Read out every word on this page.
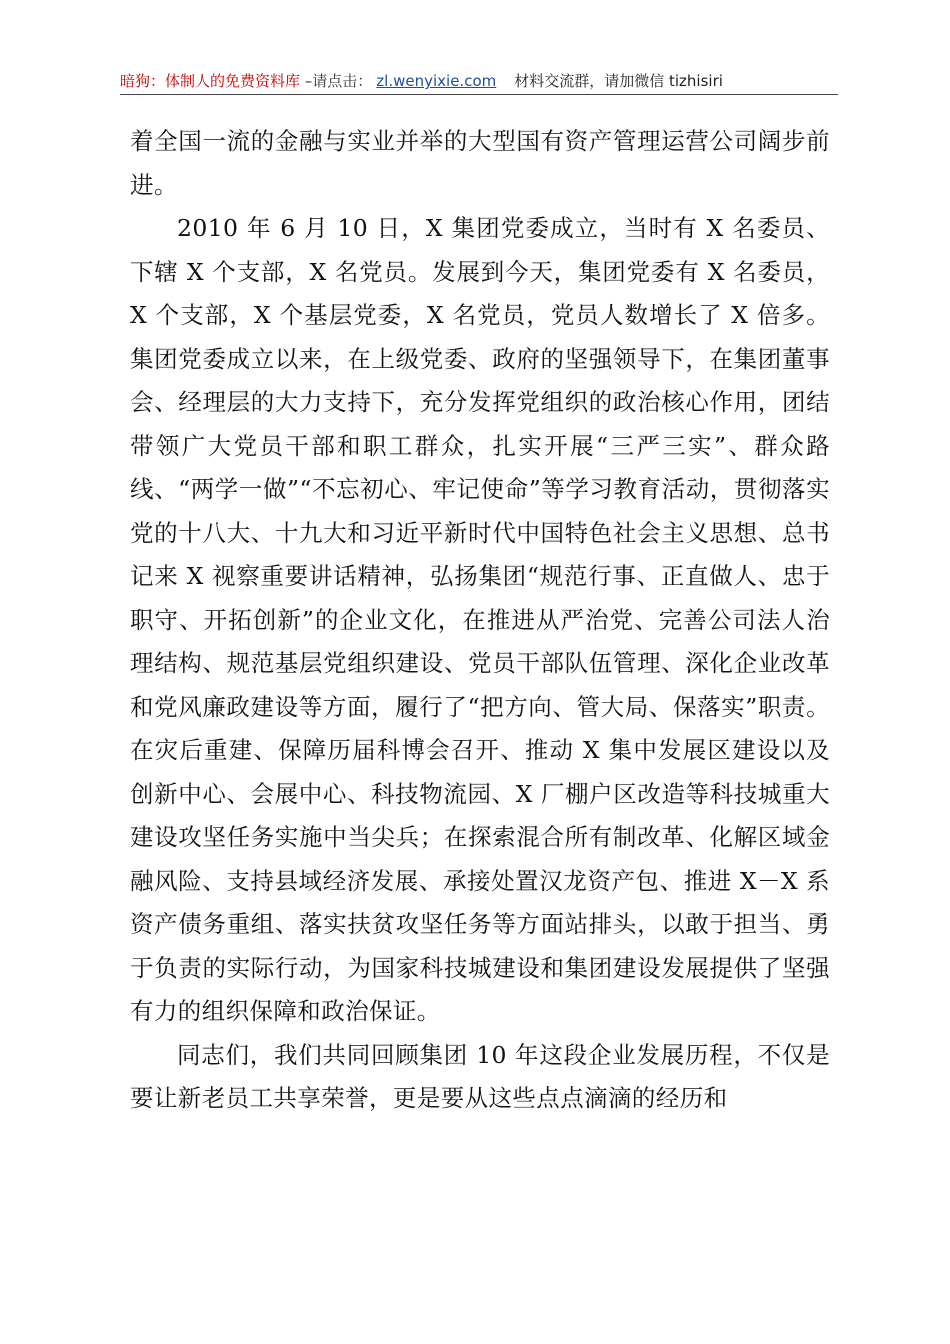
暗狗：体制人的免费资料库 –请点击： zl.wenyixie.com 材料交流群，请加微信 tizhisiri

着全国一流的金融与实业并举的大型国有资产管理运营公司阔步前进。

2010 年 6 月 10 日，X 集团党委成立，当时有 X 名委员、下辖 X 个支部，X 名党员。发展到今天，集团党委有 X 名委员，X 个支部，X 个基层党委，X 名党员，党员人数增长了 X 倍多。集团党委成立以来，在上级党委、政府的坚强领导下，在集团董事会、经理层的大力支持下，充分发挥党组织的政治核心作用，团结带领广大党员干部和职工群众，扎实开展“三严三实”、群众路线、“两学一做”“不忘初心、牢记使命”等学习教育活动，贯彻落实党的十八大、十九大和习近平新时代中国特色社会主义思想、总书记来 X 视察重要讲话精神，弘扬集团“规范行事、正直做人、忠于职守、开拓创新”的企业文化，在推进从严治党、完善公司法人治理结构、规范基层党组织建设、党员干部队伍管理、深化企业改革和党风廉政建设等方面，履行了“把方向、管大局、保落实”职责。在灾后重建、保障历届科博会召开、推动 X 集中发展区建设以及创新中心、会展中心、科技物流园、X 厂棚户区改造等科技城重大建设攻坚任务实施中当尖兵；在探索混合所有制改革、化解区域金融风险、支持县域经济发展、承接处置汉龙资产包、推进 X－X 系资产债务重组、落实扶贫攻坚任务等方面站排头，以敢于担当、勇于负责的实际行动，为国家科技城建设和集团建设发展提供了坚强有力的组织保障和政治保证。

同志们，我们共同回顾集团 10 年这段企业发展历程，不仅是要让新老员工共享荣誉，更是要从这些点点滴滴的经历和
